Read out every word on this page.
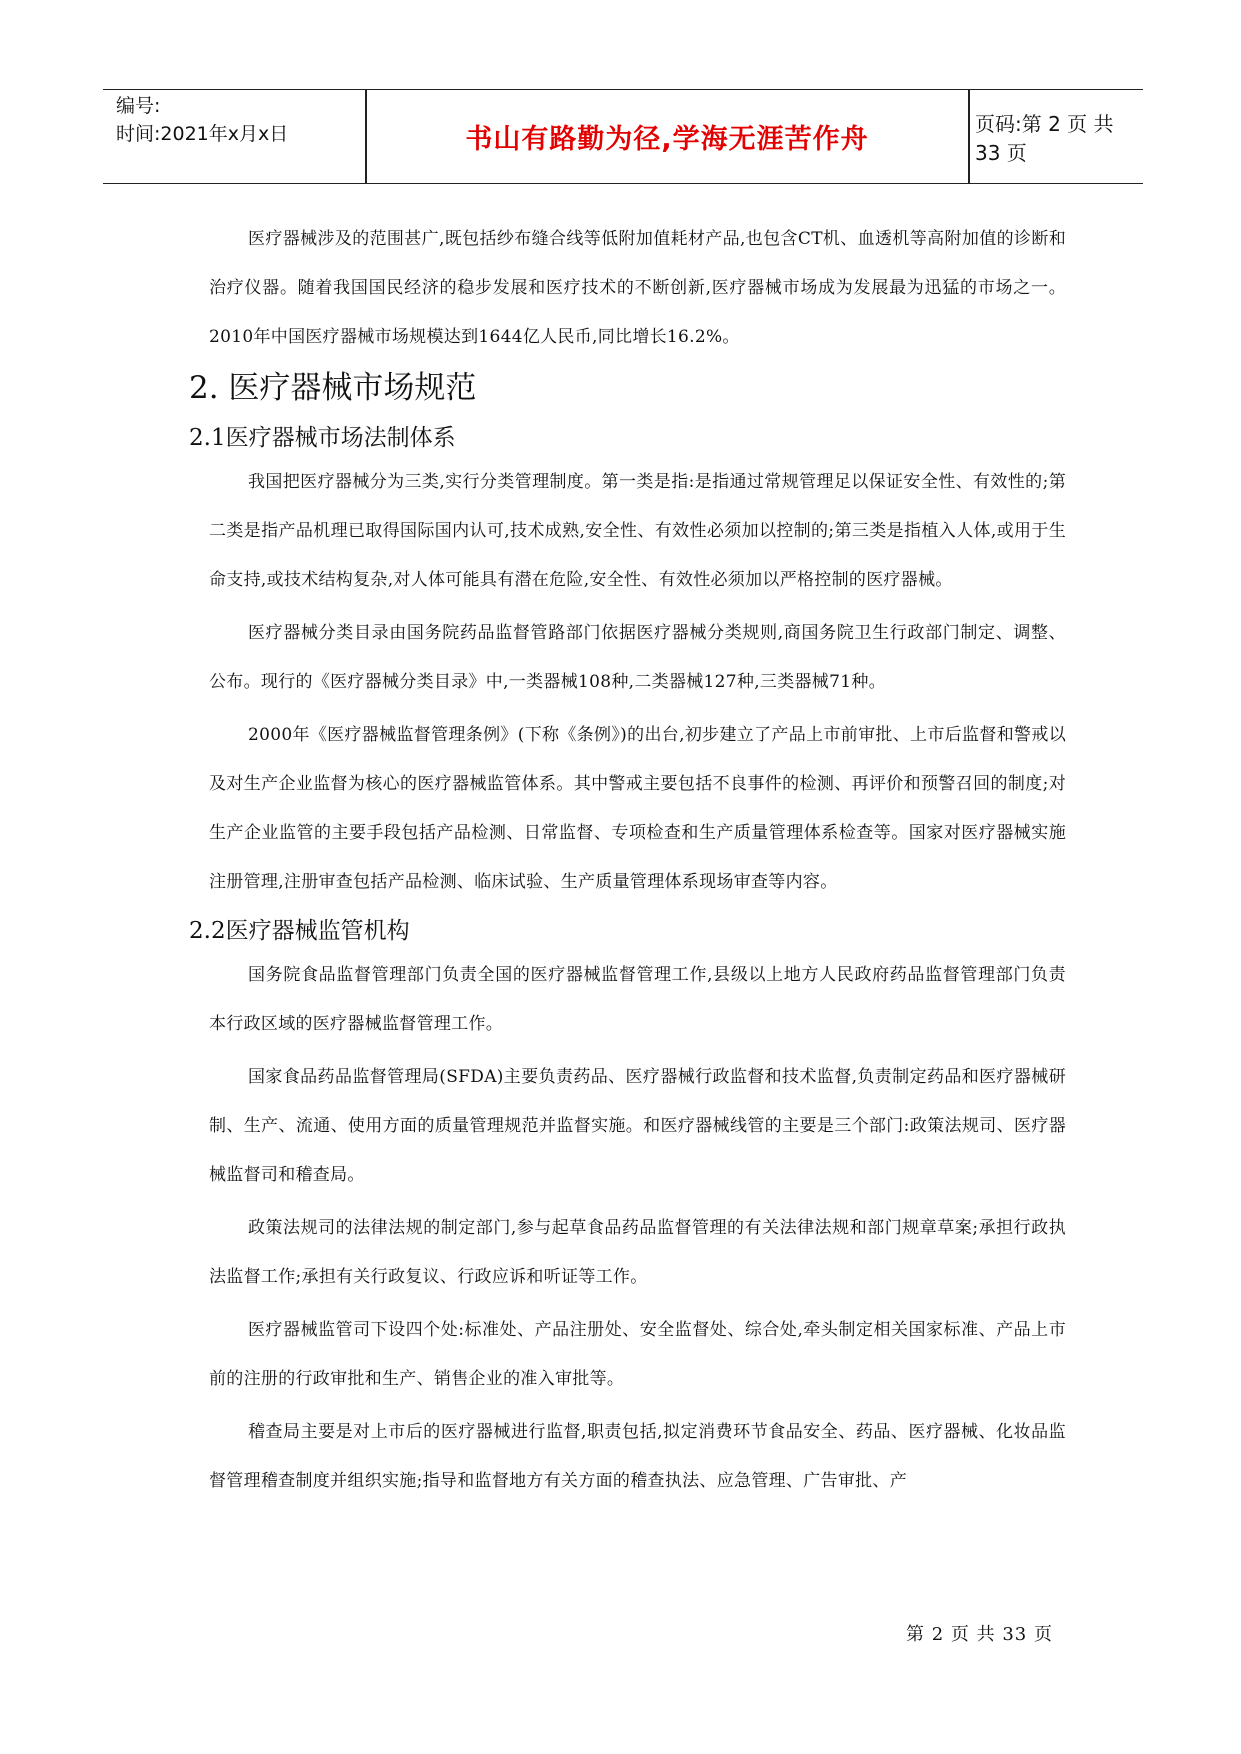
编号:
时间:2021年x月x日	书山有路勤为径,学海无涯苦作舟
页码:第 2 页 共 33 页

医疗器械涉及的范围甚广,既包括纱布缝合线等低附加值耗材产品,也包含CT机、血透机等高附加值的诊断和治疗仪器。随着我国国民经济的稳步发展和医疗技术的不断创新,医疗器械市场成为发展最为迅猛的市场之一。2010年中国医疗器械市场规模达到1644亿人民币,同比增长16.2%。

2. 医疗器械市场规范
2.1医疗器械市场法制体系

我国把医疗器械分为三类,实行分类管理制度。第一类是指:是指通过常规管理足以保证安全性、有效性的;第二类是指产品机理已取得国际国内认可,技术成熟,安全性、有效性必须加以控制的;第三类是指植入人体,或用于生命支持,或技术结构复杂,对人体可能具有潜在危险,安全性、有效性必须加以严格控制的医疗器械。

医疗器械分类目录由国务院药品监督管路部门依据医疗器械分类规则,商国务院卫生行政部门制定、调整、公布。现行的《医疗器械分类目录》中,一类器械108种,二类器械127种,三类器械71种。

2000年《医疗器械监督管理条例》(下称《条例》)的出台,初步建立了产品上市前审批、上市后监督和警戒以及对生产企业监督为核心的医疗器械监管体系。其中警戒主要包括不良事件的检测、再评价和预警召回的制度;对生产企业监管的主要手段包括产品检测、日常监督、专项检查和生产质量管理体系检查等。国家对医疗器械实施注册管理,注册审查包括产品检测、临床试验、生产质量管理体系现场审查等内容。

2.2医疗器械监管机构

国务院食品监督管理部门负责全国的医疗器械监督管理工作,县级以上地方人民政府药品监督管理部门负责本行政区域的医疗器械监督管理工作。

国家食品药品监督管理局(SFDA)主要负责药品、医疗器械行政监督和技术监督,负责制定药品和医疗器械研制、生产、流通、使用方面的质量管理规范并监督实施。和医疗器械线管的主要是三个部门:政策法规司、医疗器械监督司和稽查局。

政策法规司的法律法规的制定部门,参与起草食品药品监督管理的有关法律法规和部门规章草案;承担行政执法监督工作;承担有关行政复议、行政应诉和听证等工作。

医疗器械监管司下设四个处:标准处、产品注册处、安全监督处、综合处,牵头制定相关国家标准、产品上市前的注册的行政审批和生产、销售企业的准入审批等。

稽查局主要是对上市后的医疗器械进行监督,职责包括,拟定消费环节食品安全、药品、医疗器械、化妆品监督管理稽查制度并组织实施;指导和监督地方有关方面的稽查执法、应急管理、广告审批、产

第 2 页 共 33 页
